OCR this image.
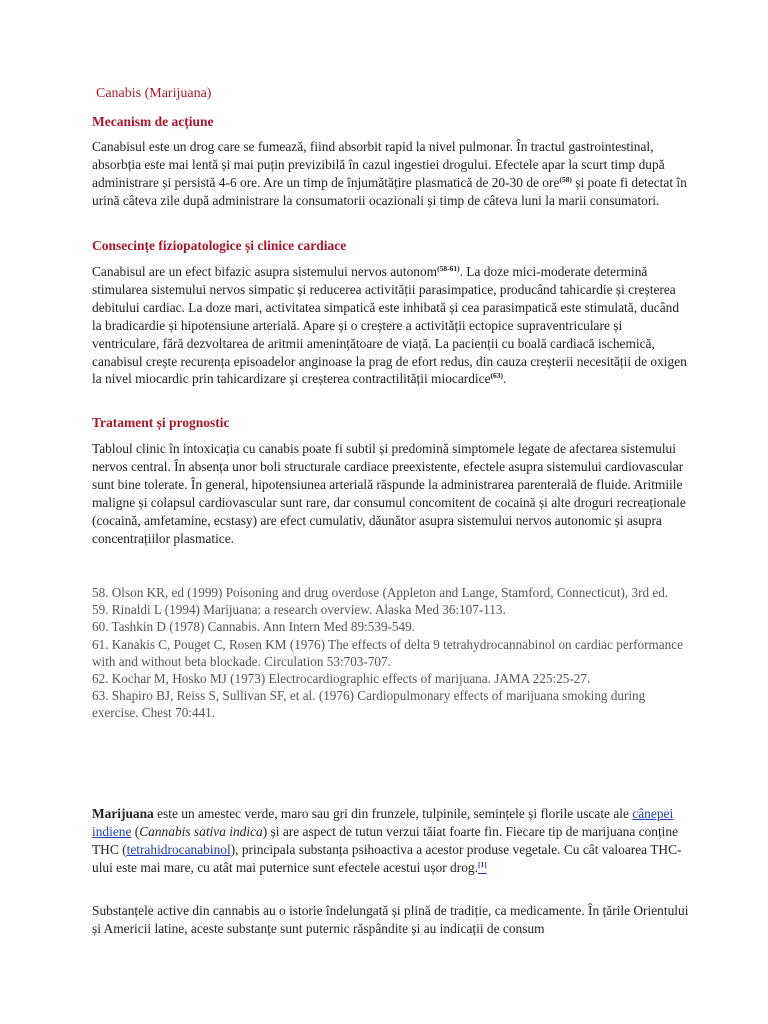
Canabis (Marijuana)
Mecanism de acțiune
Canabisul este un drog care se fumează, fiind absorbit rapid la nivel pulmonar. În tractul gastrointestinal, absorbția este mai lentă și mai puțin previzibilă în cazul ingestiei drogului. Efectele apar la scurt timp după administrare și persistă 4-6 ore. Are un timp de înjumătățire plasmatică de 20-30 de ore$^{(58)}$ și poate fi detectat în urină câteva zile după administrare la consumatorii ocazionali și timp de câteva luni la marii consumatori.
Consecințe fiziopatologice și clinice cardiace
Canabisul are un efect bifazic asupra sistemului nervos autonom$^{(58-61)}$. La doze mici-moderate determină stimularea sistemului nervos simpatic și reducerea activității parasimpatice, producând tahicardie și creșterea debitului cardiac. La doze mari, activitatea simpatică este inhibată și cea parasimpatică este stimulată, ducând la bradicardie și hipotensiune arterială. Apare și o creștere a activității ectopice supraventriculare și ventriculare, fără dezvoltarea de aritmii amenințătoare de viață. La pacienții cu boală cardiacă ischemică, canabisul crește recurența episoadelor anginoase la prag de efort redus, din cauza creșterii necesității de oxigen la nivel miocardic prin tahicardizare și creșterea contractilității miocardice$^{(63)}$.
Tratament și prognostic
Tabloul clinic în intoxicația cu canabis poate fi subtil și predomină simptomele legate de afectarea sistemului nervos central. În absența unor boli structurale cardiace preexistente, efectele asupra sistemului cardiovascular sunt bine tolerate. În general, hipotensiunea arterială răspunde la administrarea parenterală de fluide. Aritmiile maligne și colapsul cardiovascular sunt rare, dar consumul concomitent de cocaină și alte droguri recreaționale (cocaină, amfetamine, ecstasy) are efect cumulativ, dăunător asupra sistemului nervos autonomic și asupra concentrațiilor plasmatice.
58. Olson KR, ed (1999) Poisoning and drug overdose (Appleton and Lange, Stamford, Connecticut), 3rd ed.
59. Rinaldi L (1994) Marijuana: a research overview. Alaska Med 36:107-113.
60. Tashkin D (1978) Cannabis. Ann Intern Med 89:539-549.
61. Kanakis C, Pouget C, Rosen KM (1976) The effects of delta 9 tetrahydrocannabinol on cardiac performance with and without beta blockade. Circulation 53:703-707.
62. Kochar M, Hosko MJ (1973) Electrocardiographic effects of marijuana. JAMA 225:25-27.
63. Shapiro BJ, Reiss S, Sullivan SF, et al. (1976) Cardiopulmonary effects of marijuana smoking during exercise. Chest 70:441.
Marijuana este un amestec verde, maro sau gri din frunzele, tulpinile, semințele și florile uscate ale cânepei indiene (Cannabis sativa indica) și are aspect de tutun verzui tăiat foarte fin. Fiecare tip de marijuana conține THC (tetrahidrocanabinol), principala substanța psihoactiva a acestor produse vegetale. Cu cât valoarea THC-ului este mai mare, cu atât mai puternice sunt efectele acestui ușor drog.[1]
Substanțele active din cannabis au o istorie îndelungată și plină de tradiție, ca medicamente. În țările Orientului și Americii latine, aceste substanțe sunt puternic răspândite și au indicații de consum
